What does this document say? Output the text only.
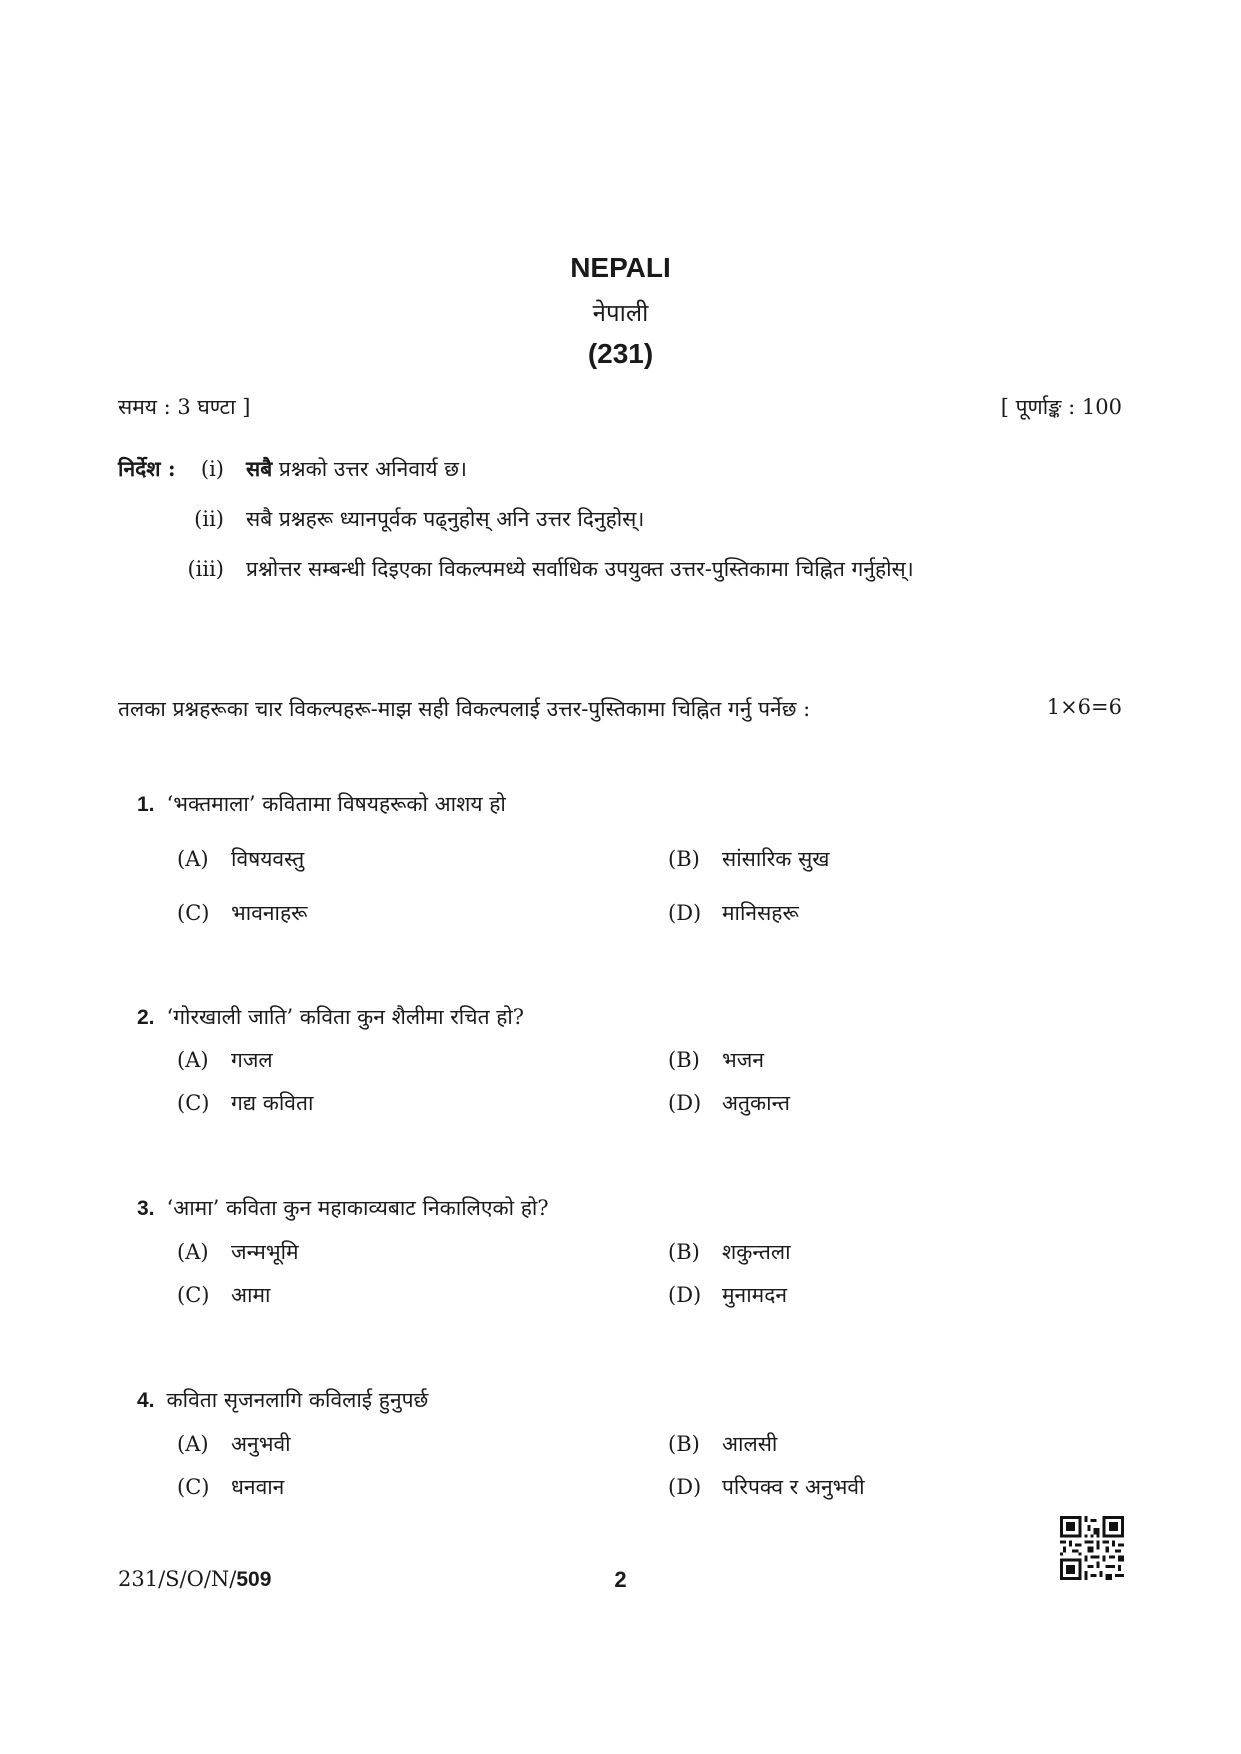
NEPALI
नेपाली
(231)
समय : 3 घण्टा ]	[ पूर्णाङ्क : 100
निर्देश :	(i) सबै प्रश्नको उत्तर अनिवार्य छ।
(ii) सबै प्रश्नहरू ध्यानपूर्वक पढ्नुहोस् अनि उत्तर दिनुहोस्।
(iii) प्रश्नोत्तर सम्बन्धी दिइएका विकल्पमध्ये सर्वाधिक उपयुक्त उत्तर-पुस्तिकामा चिह्नित गर्नुहोस्।
तलका प्रश्नहरूका चार विकल्पहरू-माझ सही विकल्पलाई उत्तर-पुस्तिकामा चिह्नित गर्नु पर्नेछ :	1×6=6
1. ‘भक्तमाला’ कवितामा विषयहरूको आशय हो
(A) विषयवस्तु	(B) सांसारिक सुख
(C) भावनाहरू	(D) मानिसहरू
2. ‘गोरखाली जाति’ कविता कुन शैलीमा रचित हो?
(A) गजल	(B) भजन
(C) गद्य कविता	(D) अतुकान्त
3. ‘आमा’ कविता कुन महाकाव्यबाट निकालिएको हो?
(A) जन्मभूमि	(B) शकुन्तला
(C) आमा	(D) मुनामदन
4. कविता सृजनलागि कविलाई हुनुपर्छ
(A) अनुभवी	(B) आलसी
(C) धनवान	(D) परिपक्व र अनुभवी
231/S/O/N/509	2
